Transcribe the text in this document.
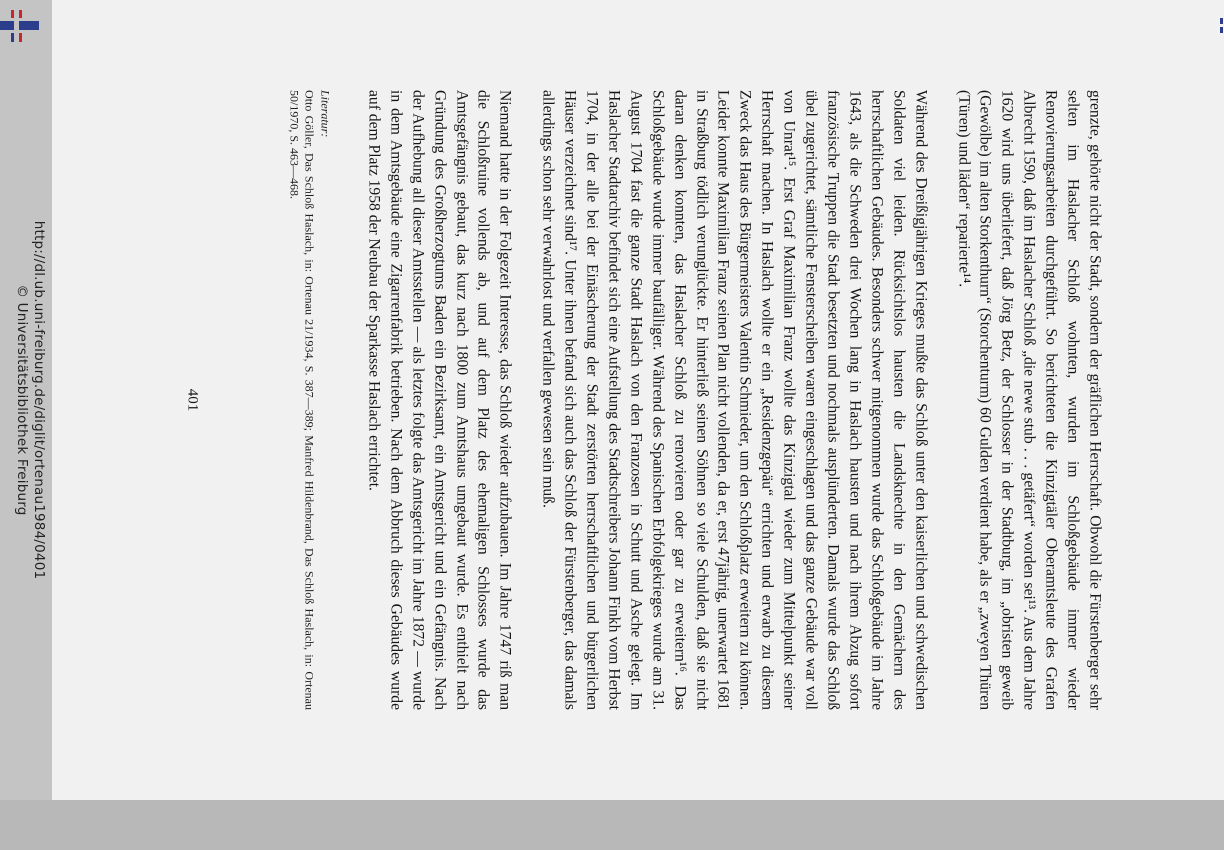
http://dl.ub.uni-freiburg.de/diglit/ortenau1984/0401
© Universitätsbibliothek Freiburg	grenzte, gehörte nicht der Stadt, sondern der gräflichen Herrschaft. Obwohl die Fürstenberger sehr selten im Haslacher Schloß wohnten, wurden im Schloßgebäude immer wieder Renovierungsarbeiten durchgeführt. So berichteten die Kinzigtäler Oberamtsleute des Grafen Albrecht 1590, daß im Haslacher Schloß „die newe stub . . . getäfert“ worden sei¹³. Aus dem Jahre 1620 wird uns überliefert, daß Jörg Betz, der Schlosser in der Stadtburg, im „obristen geweib (Gewölbe) im alten Storkenthurn“ (Storchenturm) 60 Gulden verdient habe, als er „zweyen Thüren (Türen) und läden“ reparierte¹⁴.

Während des Dreißigjährigen Krieges mußte das Schloß unter den kaiserlichen und schwedischen Soldaten viel leiden. Rücksichtslos hausten die Landsknechte in den Gemächern des herrschaftlichen Gebäudes. Besonders schwer mitgenommen wurde das Schloßgebäude im Jahre 1643, als die Schweden drei Wochen lang in Haslach hausten und nach ihrem Abzug sofort französische Truppen die Stadt besetzten und nochmals ausplünderten. Damals wurde das Schloß übel zugerichtet, sämtliche Fensterscheiben waren eingeschlagen und das ganze Gebäude war voll von Unrat¹⁵. Erst Graf Maximilian Franz wollte das Kinzigtal wieder zum Mittelpunkt seiner Herrschaft machen. In Haslach wollte er ein „Residenzgepäu“ errichten und erwarb zu diesem Zweck das Haus des Bürgermeisters Valentin Schmieder, um den Schloßplatz erweitern zu können. Leider konnte Maximilian Franz seinen Plan nicht vollenden, da er, erst 47jährig, unerwartet 1681 in Straßburg tödlich verunglückte. Er hinterließ seinen Söhnen so viele Schulden, daß sie nicht daran denken konnten, das Haslacher Schloß zu renovieren oder gar zu erweitern¹⁶. Das Schloßgebäude wurde immer baufälliger. Während des Spanischen Erbfolgekrieges wurde am 31. August 1704 fast die ganze Stadt Haslach von den Franzosen in Schutt und Asche gelegt. Im Haslacher Stadtarchiv befindet sich eine Aufstellung des Stadtschreibers Johann Finkh vom Herbst 1704, in der alle bei der Einäscherung der Stadt zerstörten herrschaftlichen und bürgerlichen Häuser verzeichnet sind¹⁷. Unter ihnen befand sich auch das Schloß der Fürstenberger, das damals allerdings schon sehr verwahrlost und verfallen gewesen sein muß.

Niemand hatte in der Folgezeit Interesse, das Schloß wieder aufzubauen. Im Jahre 1747 riß man die Schloßruine vollends ab, und auf dem Platz des ehemaligen Schlosses wurde das Amtsgefängnis gebaut, das kurz nach 1800 zum Amtshaus umgebaut wurde. Es enthielt nach Gründung des Großherzogtums Baden ein Bezirksamt, ein Amtsgericht und ein Gefängnis. Nach der Aufhebung all dieser Amtsstellen — als letztes folgte das Amtsgericht im Jahre 1872 — wurde in dem Amtsgebäude eine Zigarrenfabrik betrieben. Nach dem Abbruch dieses Gebäudes wurde auf dem Platz 1958 der Neubau der Sparkasse Haslach errichtet.

Literatur:
Otto Göller, Das Schloß Haslach, in: Ortenau 21/1934, S. 387—389; Manfred Hildenbrand, Das Schloß Haslach, in: Ortenau 50/1970, S. 463—468.
401
